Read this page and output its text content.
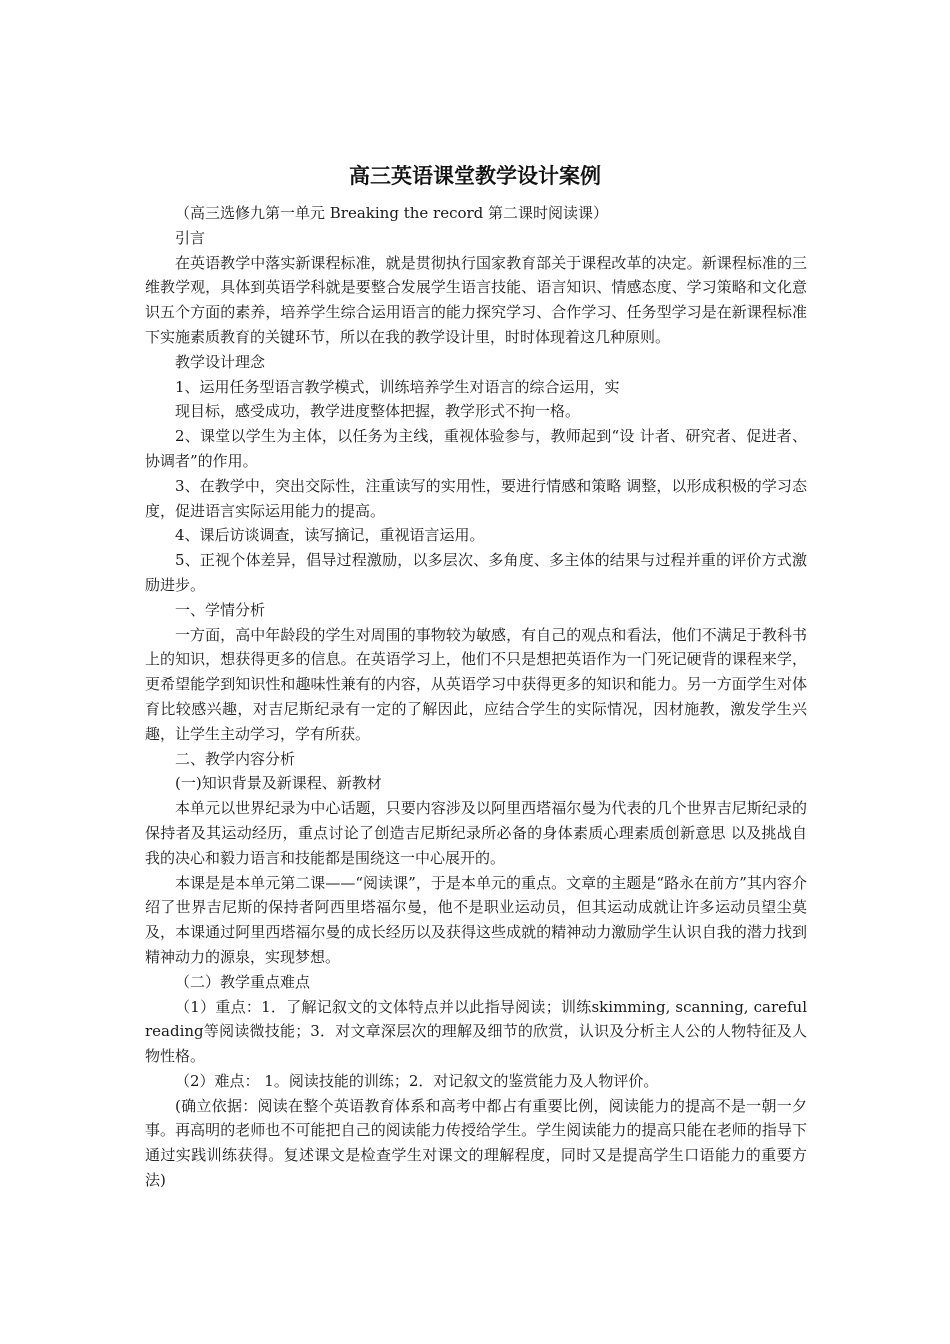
高三英语课堂教学设计案例

（高三选修九第一单元 Breaking the record 第二课时阅读课）

引言

在英语教学中落实新课程标准，就是贯彻执行国家教育部关于课程改革的决定。新课程标准的三维教学观，具体到英语学科就是要整合发展学生语言技能、语言知识、情感态度、学习策略和文化意识五个方面的素养，培养学生综合运用语言的能力探究学习、合作学习、任务型学习是在新课程标准下实施素质教育的关键环节，所以在我的教学设计里，时时体现着这几种原则。

教学设计理念

1、运用任务型语言教学模式，训练培养学生对语言的综合运用，实

现目标，感受成功，教学进度整体把握，教学形式不拘一格。

2、课堂以学生为主体，以任务为主线，重视体验参与，教师起到“设 计者、研究者、促进者、协调者”的作用。

3、在教学中，突出交际性，注重读写的实用性，要进行情感和策略 调整，以形成积极的学习态度，促进语言实际运用能力的提高。

4、课后访谈调查，读写摘记，重视语言运用。

5、正视个体差异，倡导过程激励，以多层次、多角度、多主体的结果与过程并重的评价方式激励进步。

一、学情分析

一方面，高中年龄段的学生对周围的事物较为敏感，有自己的观点和看法，他们不满足于教科书上的知识，想获得更多的信息。在英语学习上，他们不只是想把英语作为一门死记硬背的课程来学，更希望能学到知识性和趣味性兼有的内容，从英语学习中获得更多的知识和能力。另一方面学生对体育比较感兴趣，对吉尼斯纪录有一定的了解因此，应结合学生的实际情况，因材施教，激发学生兴趣，让学生主动学习，学有所获。

二、教学内容分析

(一)知识背景及新课程、新教材

本单元以世界纪录为中心话题，只要内容涉及以阿里西塔福尔曼为代表的几个世界吉尼斯纪录的保持者及其运动经历，重点讨论了创造吉尼斯纪录所必备的身体素质心理素质创新意思 以及挑战自我的决心和毅力语言和技能都是围绕这一中心展开的。

本课是是本单元第二课——“阅读课”，于是本单元的重点。文章的主题是“路永在前方”其内容介绍了世界吉尼斯的保持者阿西里塔福尔曼，他不是职业运动员，但其运动成就让许多运动员望尘莫及，本课通过阿里西塔福尔曼的成长经历以及获得这些成就的精神动力激励学生认识自我的潜力找到精神动力的源泉，实现梦想。

（二）教学重点难点

（1）重点：1．了解记叙文的文体特点并以此指导阅读；训练skimming, scanning, careful reading等阅读微技能；3．对文章深层次的理解及细节的欣赏，认识及分析主人公的人物特征及人物性格。

（2）难点： 1。阅读技能的训练；2．对记叙文的鉴赏能力及人物评价。

(确立依据：阅读在整个英语教育体系和高考中都占有重要比例，阅读能力的提高不是一朝一夕事。再高明的老师也不可能把自己的阅读能力传授给学生。学生阅读能力的提高只能在老师的指导下通过实践训练获得。复述课文是检查学生对课文的理解程度，同时又是提高学生口语能力的重要方法)
